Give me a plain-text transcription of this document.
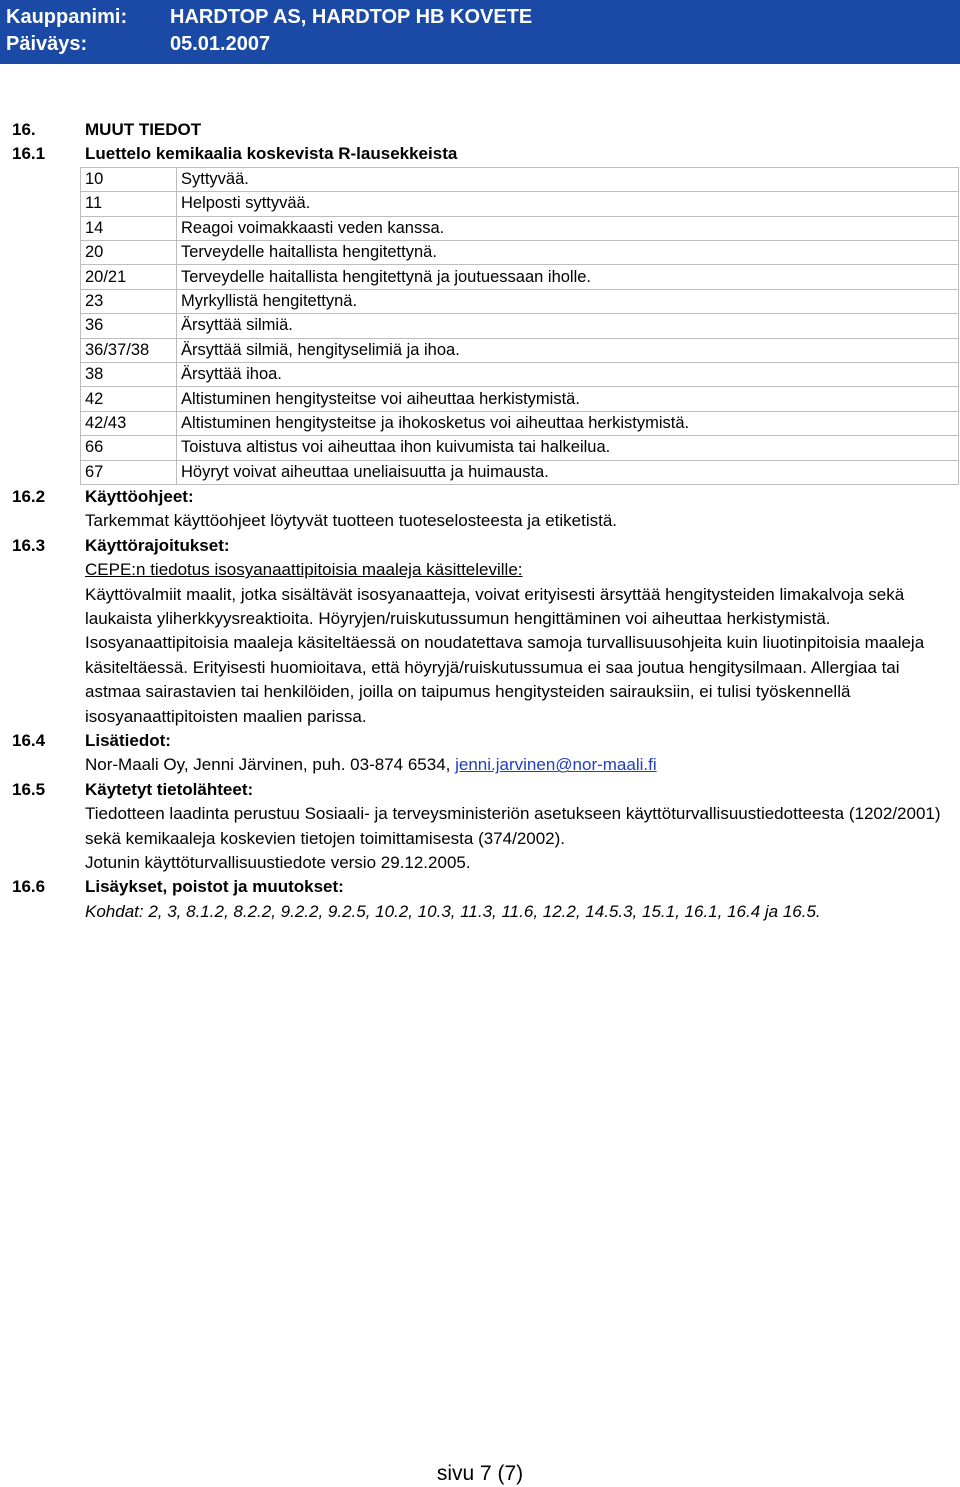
Kauppanimi: HARDTOP AS, HARDTOP HB KOVETE
Päiväys:	05.01.2007
16.	MUUT TIEDOT
16.1	Luettelo kemikaalia koskevista R-lausekkeista
10	Syttyvää.
11	Helposti syttyvää.
14	Reagoi voimakkaasti veden kanssa.
20	Terveydelle haitallista hengitettynä.
20/21	Terveydelle haitallista hengitettynä ja joutuessaan iholle.
23	Myrkyllistä hengitettynä.
36	Ärsyttää silmiä.
36/37/38	Ärsyttää silmiä, hengityselimiä ja ihoa.
38	Ärsyttää ihoa.
42	Altistuminen hengitysteitse voi aiheuttaa herkistymistä.
42/43	Altistuminen hengitysteitse ja ihokosketus voi aiheuttaa herkistymistä.
66	Toistuva altistus voi aiheuttaa ihon kuivumista tai halkeilua.
67	Höyryt voivat aiheuttaa uneliaisuutta ja huimausta.
16.2	Käyttöohjeet:
Tarkemmat käyttöohjeet löytyvät tuotteen tuoteselosteesta ja etiketistä.
16.3	Käyttörajoitukset:
CEPE:n tiedotus isosyanaattipitoisia maaleja käsitteleville:
Käyttövalmiit maalit, jotka sisältävät isosyanaatteja, voivat erityisesti ärsyttää hengitysteiden limakalvoja sekä laukaista yliherkkyysreaktioita. Höyryjen/ruiskutussumun hengittäminen voi aiheuttaa herkistymistä.
Isosyanaattipitoisia maaleja käsiteltäessä on noudatettava samoja turvallisuusohjeita kuin liuotinpitoisia maaleja käsiteltäessä. Erityisesti huomioitava, että höyryjä/ruiskutussumua ei saa joutua hengitysilmaan. Allergiaa tai astmaa sairastavien tai henkilöiden, joilla on taipumus hengitysteiden sairauksiin, ei tulisi työskennellä isosyanaattipitoisten maalien parissa.
16.4	Lisätiedot:
Nor-Maali Oy, Jenni Järvinen, puh. 03-874 6534, jenni.jarvinen@nor-maali.fi
16.5	Käytetyt tietolähteet:
Tiedotteen laadinta perustuu Sosiaali- ja terveysministeriön asetukseen käyttöturvallisuustiedotteesta (1202/2001) sekä kemikaaleja koskevien tietojen toimittamisesta (374/2002).
Jotunin käyttöturvallisuustiedote versio 29.12.2005.
16.6	Lisäykset, poistot ja muutokset:
Kohdat: 2, 3, 8.1.2, 8.2.2, 9.2.2, 9.2.5, 10.2, 10.3, 11.3, 11.6, 12.2, 14.5.3, 15.1, 16.1, 16.4 ja 16.5.
sivu 7 (7)
